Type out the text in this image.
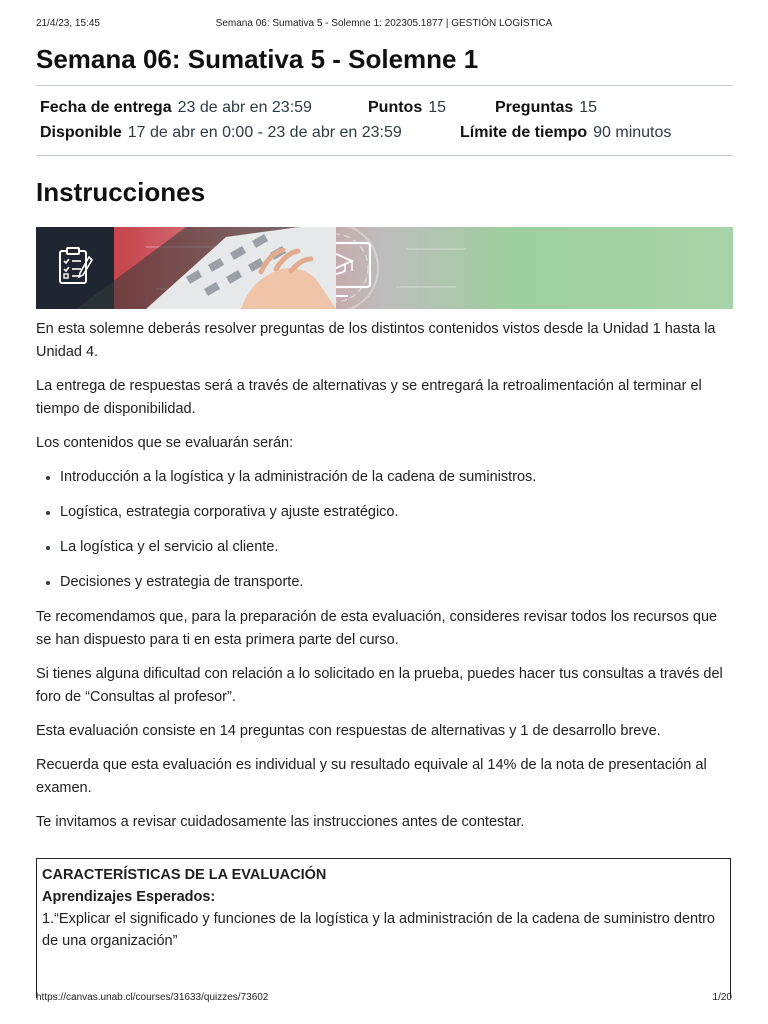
21/4/23, 15:45	Semana 06: Sumativa 5 - Solemne 1: 202305.1877 | GESTIÓN LOGÍSTICA
Semana 06: Sumativa 5 - Solemne 1
Fecha de entrega 23 de abr en 23:59	Puntos 15	Preguntas 15
Disponible 17 de abr en 0:00 - 23 de abr en 23:59	Límite de tiempo 90 minutos
Instrucciones

En esta solemne deberás resolver preguntas de los distintos contenidos vistos desde la Unidad 1 hasta la Unidad 4.

La entrega de respuestas será a través de alternativas y se entregará la retroalimentación al terminar el tiempo de disponibilidad.

Los contenidos que se evaluarán serán:

• Introducción a la logística y la administración de la cadena de suministros.
• Logística, estrategia corporativa y ajuste estratégico.
• La logística y el servicio al cliente.
• Decisiones y estrategia de transporte.

Te recomendamos que, para la preparación de esta evaluación, consideres revisar todos los recursos que se han dispuesto para ti en esta primera parte del curso.

Si tienes alguna dificultad con relación a lo solicitado en la prueba, puedes hacer tus consultas a través del foro de “Consultas al profesor”.

Esta evaluación consiste en 14 preguntas con respuestas de alternativas y 1 de desarrollo breve.

Recuerda que esta evaluación es individual y su resultado equivale al 14% de la nota de presentación al examen.

Te invitamos a revisar cuidadosamente las instrucciones antes de contestar.

CARACTERÍSTICAS DE LA EVALUACIÓN
Aprendizajes Esperados:
1.“Explicar el significado y funciones de la logística y la administración de la cadena de suministro dentro de una organización”
https://canvas.unab.cl/courses/31633/quizzes/73602	1/20
